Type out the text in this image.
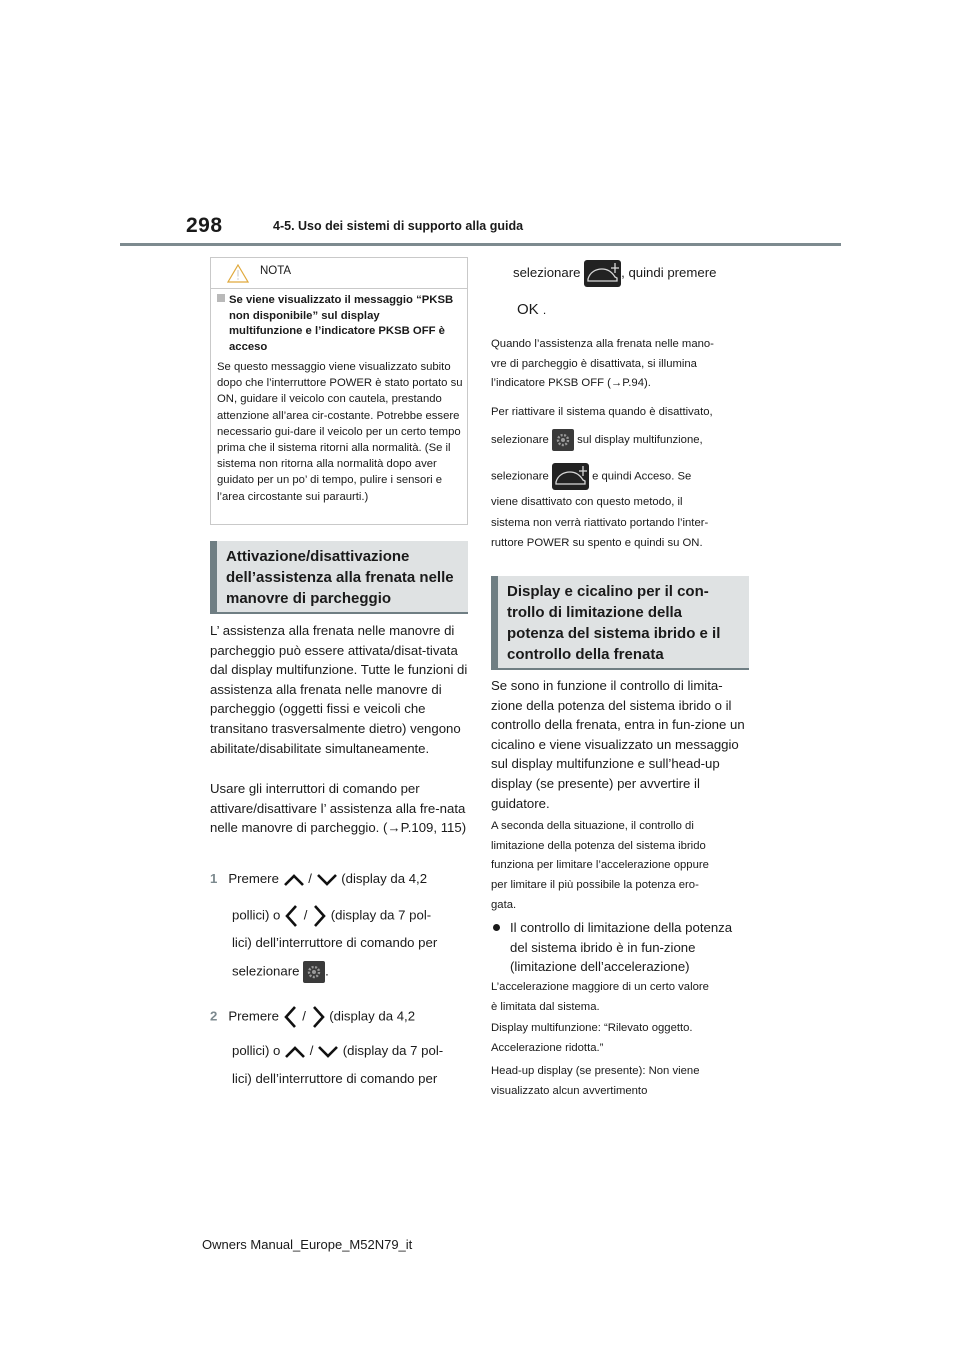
298	4-5. Uso dei sistemi di supporto alla guida
NOTA
Se viene visualizzato il messaggio “PKSB non disponibile” sul display multifunzione e l’indicatore PKSB OFF è acceso
Se questo messaggio viene visualizzato subito dopo che l’interruttore POWER è stato portato su ON, guidare il veicolo con cautela, prestando attenzione all’area cir-costante. Potrebbe essere necessario gui-dare il veicolo per un certo tempo prima che il sistema ritorni alla normalità. (Se il sistema non ritorna alla normalità dopo aver guidato per un po’ di tempo, pulire i sensori e l’area circostante sui paraurti.)
Attivazione/disattivazione dell’assistenza alla frenata nelle manovre di parcheggio
L’ assistenza alla frenata nelle manovre di parcheggio può essere attivata/disat-tivata dal display multifunzione. Tutte le funzioni di assistenza alla frenata nelle manovre di parcheggio (oggetti fissi e veicoli che transitano trasversalmente dietro) vengono abilitate/disabilitate simultaneamente.
Usare gli interruttori di comando per attivare/disattivare l’ assistenza alla fre-nata nelle manovre di parcheggio. (→P.109, 115)
1 Premere / (display da 4,2
pollici) o / (display da 7 pol-
lici) dell’interruttore di comando per
selezionare .
2 Premere / (display da 4,2
pollici) o / (display da 7 pol-
lici) dell’interruttore di comando per
selezionare	, quindi premere
OK .
Quando l’assistenza alla frenata nelle mano-
vre di parcheggio è disattivata, si illumina
l’indicatore PKSB OFF (→P.94).
Per riattivare il sistema quando è disattivato,
selezionare	sul display multifunzione,
selezionare	e quindi Acceso. Se
viene disattivato con questo metodo, il
sistema non verrà riattivato portando l’inter-
ruttore POWER su spento e quindi su ON.
Display e cicalino per il con-trollo di limitazione della potenza del sistema ibrido e il controllo della frenata
Se sono in funzione il controllo di limita-zione della potenza del sistema ibrido o il controllo della frenata, entra in fun-zione un cicalino e viene visualizzato un messaggio sul display multifunzione e sull’head-up display (se presente) per avvertire il guidatore.
A seconda della situazione, il controllo di
limitazione della potenza del sistema ibrido
funziona per limitare l’accelerazione oppure
per limitare il più possibile la potenza ero-
gata.
Il controllo di limitazione della potenza del sistema ibrido è in fun-zione (limitazione dell’accelerazione)
L’accelerazione maggiore di un certo valore
è limitata dal sistema.
Display multifunzione: “Rilevato oggetto.
Accelerazione ridotta.”
Head-up display (se presente): Non viene
visualizzato alcun avvertimento
Owners Manual_Europe_M52N79_it
